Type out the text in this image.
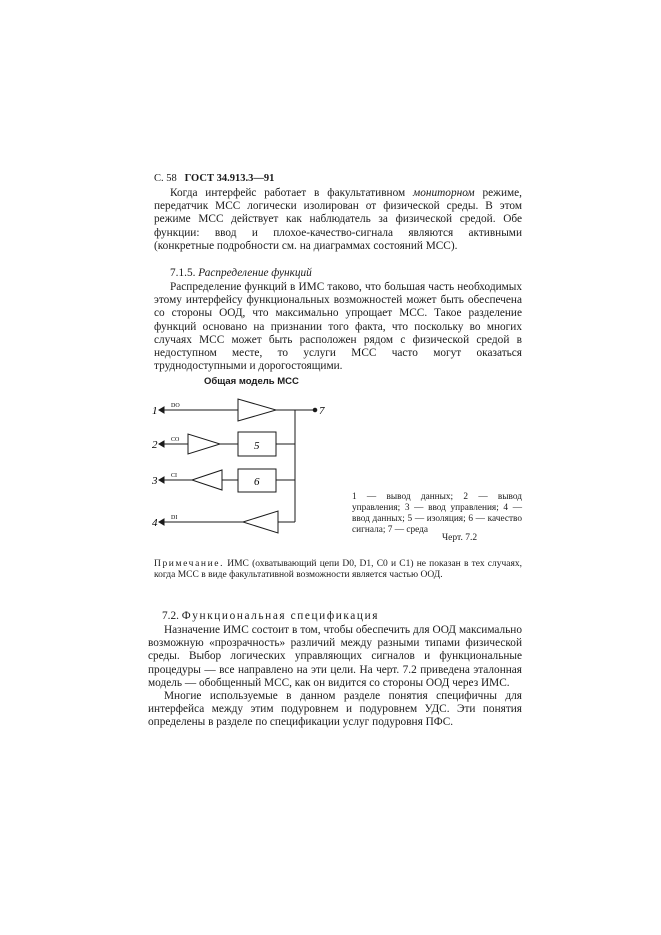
С. 58 ГОСТ 34.913.3—91

Когда интерфейс работает в факультативном мониторном режиме, передатчик МСС логически изолирован от физической среды. В этом режиме МСС действует как наблюдатель за физической средой. Обе функции: ввод и плохое-качество-сигнала являются активными (конкретные подробности см. на диаграммах состояний МСС).

7.1.5. Распределение функций

Распределение функций в ИМС таково, что большая часть необходимых этому интерфейсу функциональных возможностей может быть обеспечена со стороны ООД, что максимально упрощает МСС. Такое разделение функций основано на признании того факта, что поскольку во многих случаях МСС может быть расположен рядом с физической средой в недоступном месте, то услуги МСС часто могут оказаться труднодоступными и дорогостоящими.

Общая модель МСС
1
2
3
4
DO
CO
CI
DI
5
6
7
1 — вывод данных; 2 — вывод управления; 3 — ввод управления; 4 — ввод данных; 5 — изоляция; 6 — качество сигнала; 7 — среда
Черт. 7.2
Примечание. ИМС (охватывающий цепи D0, D1, C0 и C1) не показан в тех случаях, когда МСС в виде факультативной возможности является частью ООД.
7.2. Функциональная спецификация

Назначение ИМС состоит в том, чтобы обеспечить для ООД максимально возможную «прозрачность» различий между разными типами физической среды. Выбор логических управляющих сигналов и функциональные процедуры — все направлено на эти цели. На черт. 7.2 приведена эталонная модель — обобщенный МСС, как он видится со стороны ООД через ИМС.

Многие используемые в данном разделе понятия специфичны для интерфейса между этим подуровнем и подуровнем УДС. Эти понятия определены в разделе по спецификации услуг подуровня ПФС.
